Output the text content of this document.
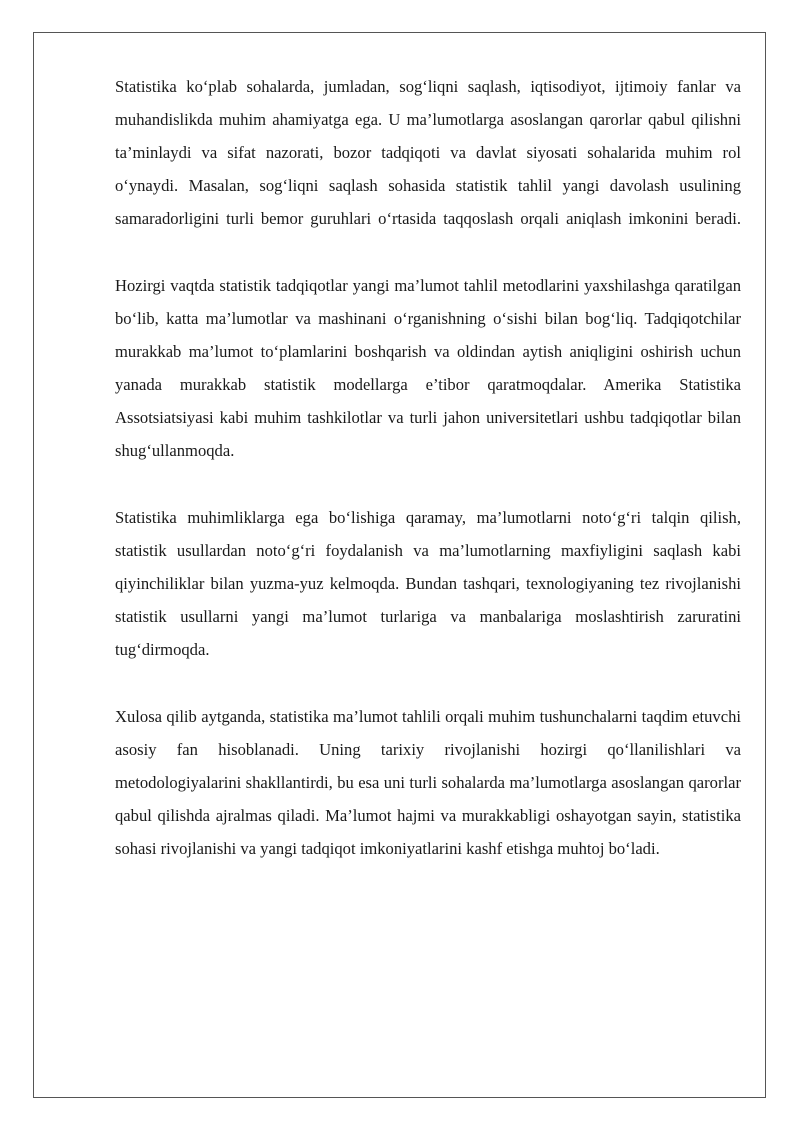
Statistika ko‘plab sohalarda, jumladan, sog‘liqni saqlash, iqtisodiyot, ijtimoiy fanlar va muhandislikda muhim ahamiyatga ega. U ma’lumotlarga asoslangan qarorlar qabul qilishni ta’minlaydi va sifat nazorati, bozor tadqiqoti va davlat siyosati sohalarida muhim rol o‘ynaydi. Masalan, sog‘liqni saqlash sohasida statistik tahlil yangi davolash usulining samaradorligini turli bemor guruhlari o‘rtasida taqqoslash orqali aniqlash imkonini beradi.

Hozirgi vaqtda statistik tadqiqotlar yangi ma’lumot tahlil metodlarini yaxshilashga qaratilgan bo‘lib, katta ma’lumotlar va mashinani o‘rganishning o‘sishi bilan bog‘liq. Tadqiqotchilar murakkab ma’lumot to‘plamlarini boshqarish va oldindan aytish aniqligini oshirish uchun yanada murakkab statistik modellarga e’tibor qaratmoqdalar. Amerika Statistika Assotsiatsiyasi kabi muhim tashkilotlar va turli jahon universitetlari ushbu tadqiqotlar bilan shug‘ullanmoqda.

Statistika muhimliklarga ega bo‘lishiga qaramay, ma’lumotlarni noto‘g‘ri talqin qilish, statistik usullardan noto‘g‘ri foydalanish va ma’lumotlarning maxfiyligini saqlash kabi qiyinchiliklar bilan yuzma-yuz kelmoqda. Bundan tashqari, texnologiyaning tez rivojlanishi statistik usullarni yangi ma’lumot turlariga va manbalariga moslashtirish zaruratini tug‘dirmoqda.

Xulosa qilib aytganda, statistika ma’lumot tahlili orqali muhim tushunchalarni taqdim etuvchi asosiy fan hisoblanadi. Uning tarixiy rivojlanishi hozirgi qo‘llanilishlari va metodologiyalarini shakllantirdi, bu esa uni turli sohalarda ma’lumotlarga asoslangan qarorlar qabul qilishda ajralmas qiladi. Ma’lumot hajmi va murakkabligi oshayotgan sayin, statistika sohasi rivojlanishi va yangi tadqiqot imkoniyatlarini kashf etishga muhtoj bo‘ladi.
